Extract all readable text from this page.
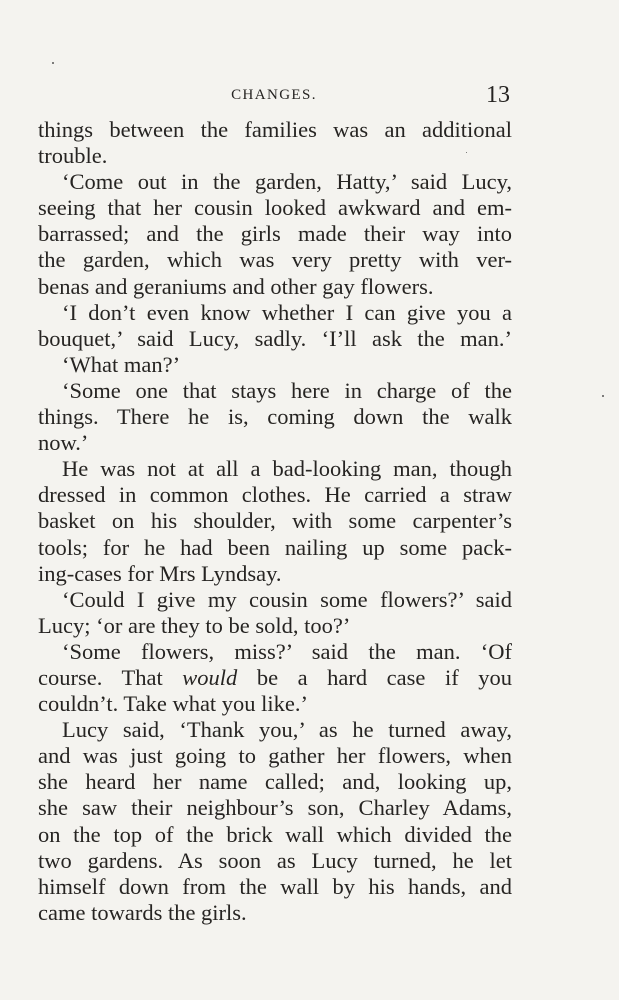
CHANGES.	13
things between the families was an additional
trouble.
‘Come out in the garden, Hatty,’ said Lucy,
seeing that her cousin looked awkward and em-
barrassed; and the girls made their way into
the garden, which was very pretty with ver-
benas and geraniums and other gay flowers.
‘I don’t even know whether I can give you a
bouquet,’ said Lucy, sadly. ‘I’ll ask the man.’
‘What man?’
‘Some one that stays here in charge of the
things. There he is, coming down the walk
now.’
He was not at all a bad-looking man, though
dressed in common clothes. He carried a straw
basket on his shoulder, with some carpenter’s
tools; for he had been nailing up some pack-
ing-cases for Mrs Lyndsay.
‘Could I give my cousin some flowers?’ said
Lucy; ‘or are they to be sold, too?’
‘Some flowers, miss?’ said the man. ‘Of
course. That would be a hard case if you
couldn’t. Take what you like.’
Lucy said, ‘Thank you,’ as he turned away,
and was just going to gather her flowers, when
she heard her name called; and, looking up,
she saw their neighbour’s son, Charley Adams,
on the top of the brick wall which divided the
two gardens. As soon as Lucy turned, he let
himself down from the wall by his hands, and
came towards the girls.
